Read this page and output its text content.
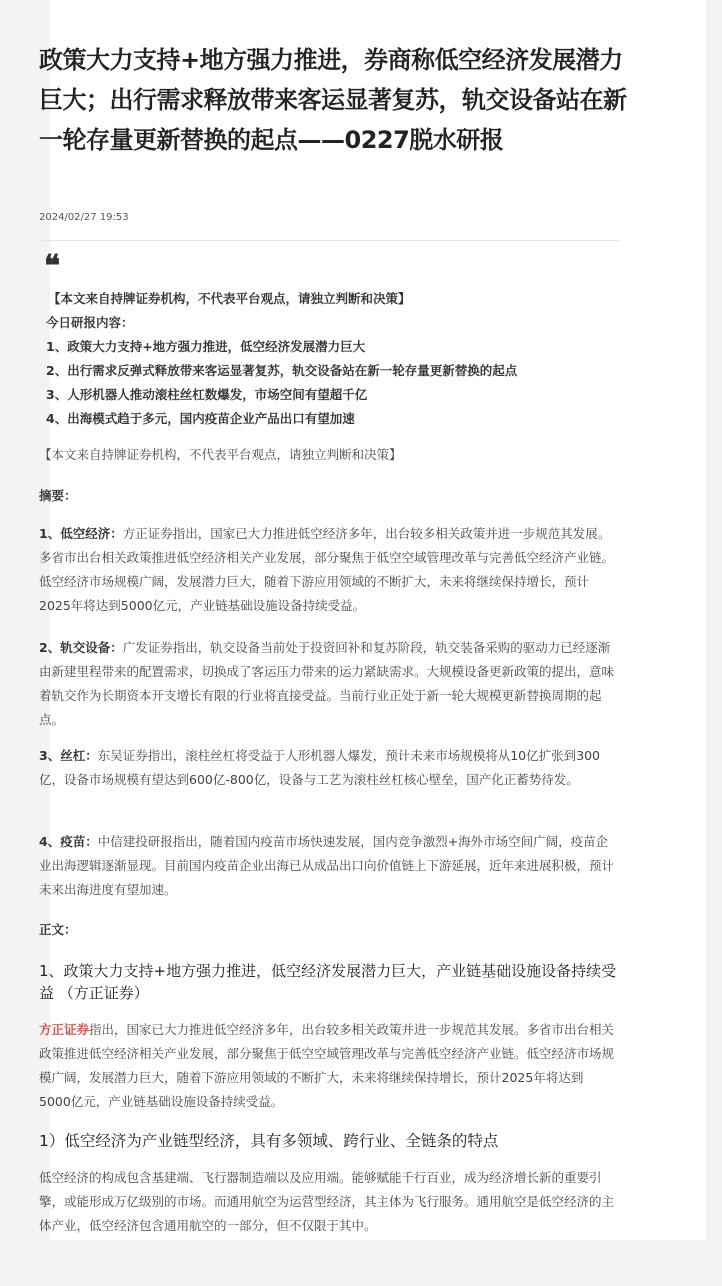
政策大力支持+地方强力推进，券商称低空经济发展潜力巨大；出行需求释放带来客运显著复苏，轨交设备站在新一轮存量更新替换的起点——0227脱水研报
2024/02/27 19:53
❝
【本文来自持牌证券机构，不代表平台观点，请独立判断和决策】
今日研报内容：
1、政策大力支持+地方强力推进，低空经济发展潜力巨大
2、出行需求反弹式释放带来客运显著复苏，轨交设备站在新一轮存量更新替换的起点
3、人形机器人推动滚柱丝杠数爆发，市场空间有望超千亿
4、出海模式趋于多元，国内疫苗企业产品出口有望加速

【本文来自持牌证券机构，不代表平台观点，请独立判断和决策】

摘要：

1、低空经济：方正证券指出，国家已大力推进低空经济多年，出台较多相关政策并进一步规范其发展。多省市出台相关政策推进低空经济相关产业发展，部分聚焦于低空空域管理改革与完善低空经济产业链。低空经济市场规模广阔，发展潜力巨大，随着下游应用领域的不断扩大，未来将继续保持增长，预计2025年将达到5000亿元，产业链基础设施设备持续受益。

2、轨交设备：广发证券指出，轨交设备当前处于投资回补和复苏阶段，轨交装备采购的驱动力已经逐渐由新建里程带来的配置需求，切换成了客运压力带来的运力紧缺需求。大规模设备更新政策的提出，意味着轨交作为长期资本开支增长有限的行业将直接受益。当前行业正处于新一轮大规模更新替换周期的起点。

3、丝杠：东吴证券指出，滚柱丝杠将受益于人形机器人爆发，预计未来市场规模将从10亿扩张到300亿，设备市场规模有望达到600亿-800亿，设备与工艺为滚柱丝杠核心壁垒，国产化正蓄势待发。

4、疫苗：中信建投研报指出，随着国内疫苗市场快速发展，国内竞争激烈+海外市场空间广阔，疫苗企业出海逻辑逐渐显现。目前国内疫苗企业出海已从成品出口向价值链上下游延展，近年来进展积极，预计未来出海进度有望加速。

正文：

1、政策大力支持+地方强力推进，低空经济发展潜力巨大，产业链基础设施设备持续受益 （方正证券）

方正证券指出，国家已大力推进低空经济多年，出台较多相关政策并进一步规范其发展。多省市出台相关政策推进低空经济相关产业发展，部分聚焦于低空空域管理改革与完善低空经济产业链。低空经济市场规模广阔，发展潜力巨大，随着下游应用领域的不断扩大，未来将继续保持增长，预计2025年将达到5000亿元，产业链基础设施设备持续受益。

1）低空经济为产业链型经济，具有多领域、跨行业、全链条的特点

低空经济的构成包含基建端、飞行器制造端以及应用端。能够赋能千行百业，成为经济增长新的重要引擎，或能形成万亿级别的市场。而通用航空为运营型经济，其主体为飞行服务。通用航空是低空经济的主体产业，低空经济包含通用航空的一部分，但不仅限于其中。
